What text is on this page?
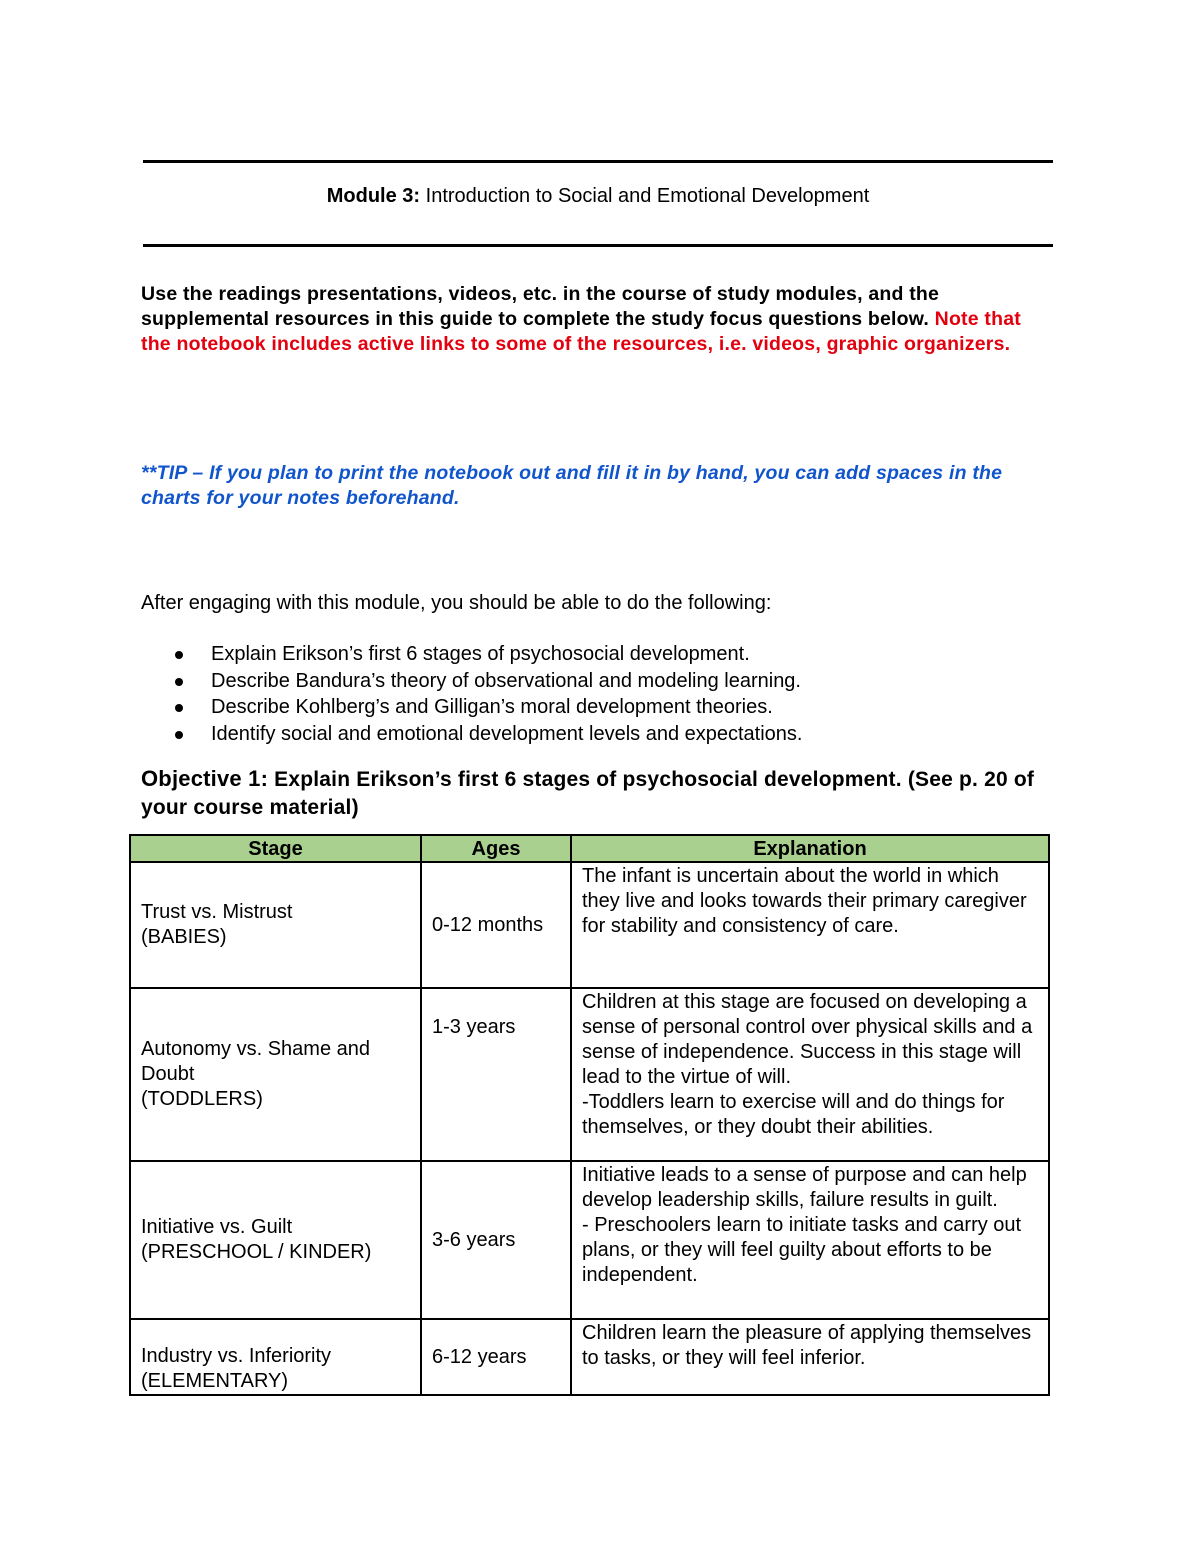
Module 3: Introduction to Social and Emotional Development
Use the readings presentations, videos, etc. in the course of study modules, and the supplemental resources in this guide to complete the study focus questions below. Note that the notebook includes active links to some of the resources, i.e. videos, graphic organizers.
**TIP – If you plan to print the notebook out and fill it in by hand, you can add spaces in the charts for your notes beforehand.
After engaging with this module, you should be able to do the following:
Explain Erikson’s first 6 stages of psychosocial development.
Describe Bandura’s theory of observational and modeling learning.
Describe Kohlberg’s and Gilligan’s moral development theories.
Identify social and emotional development levels and expectations.
Objective 1: Explain Erikson’s first 6 stages of psychosocial development. (See p. 20 of your course material)
Stage	Ages	Explanation

Trust vs. Mistrust
(BABIES)	0-12 months	The infant is uncertain about the world in which they live and looks towards their primary caregiver for stability and consistency of care.

Autonomy vs. Shame and Doubt
(TODDLERS)	1-3 years	Children at this stage are focused on developing a sense of personal control over physical skills and a sense of independence. Success in this stage will lead to the virtue of will.
-Toddlers learn to exercise will and do things for themselves, or they doubt their abilities.

Initiative vs. Guilt
(PRESCHOOL / KINDER)	3-6 years	Initiative leads to a sense of purpose and can help develop leadership skills, failure results in guilt.
- Preschoolers learn to initiate tasks and carry out plans, or they will feel guilty about efforts to be independent.

Industry vs. Inferiority
(ELEMENTARY)	6-12 years	Children learn the pleasure of applying themselves to tasks, or they will feel inferior.
